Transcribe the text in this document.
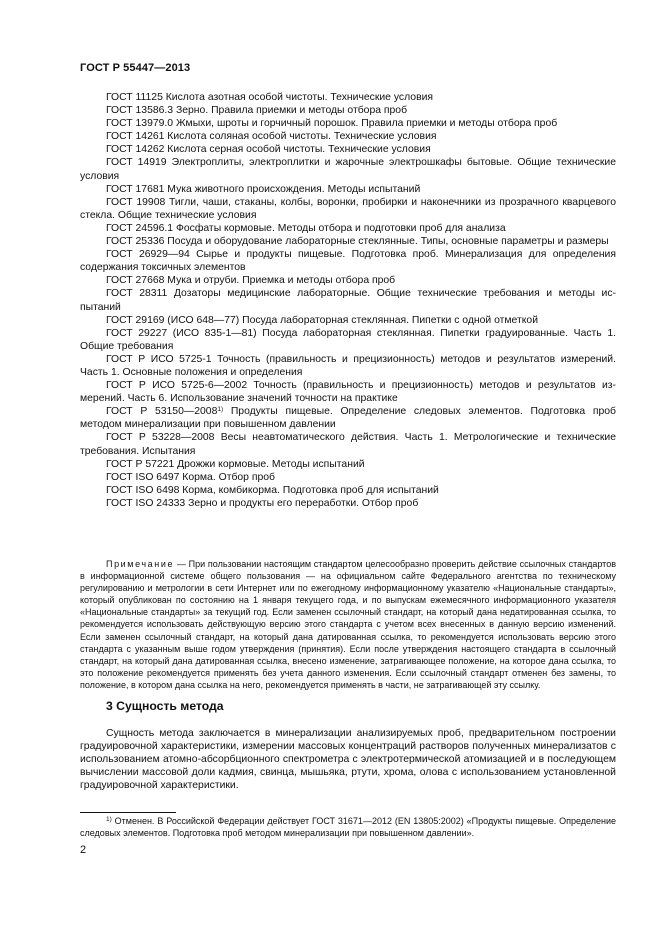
ГОСТ Р 55447—2013

ГОСТ 11125 Кислота азотная особой чистоты. Технические условия

ГОСТ 13586.3 Зерно. Правила приемки и методы отбора проб

ГОСТ 13979.0 Жмыхи, шроты и горчичный порошок. Правила приемки и методы отбора проб

ГОСТ 14261 Кислота соляная особой чистоты. Технические условия

ГОСТ 14262 Кислота серная особой чистоты. Технические условия

ГОСТ 14919 Электроплиты, электроплитки и жарочные электрошкафы бытовые. Общие технические условия

ГОСТ 17681 Мука животного происхождения. Методы испытаний

ГОСТ 19908 Тигли, чаши, стаканы, колбы, воронки, пробирки и наконечники из прозрачного кварцевого стекла. Общие технические условия

ГОСТ 24596.1 Фосфаты кормовые. Методы отбора и подготовки проб для анализа

ГОСТ 25336 Посуда и оборудование лабораторные стеклянные. Типы, основные параметры и размеры

ГОСТ 26929—94 Сырье и продукты пищевые. Подготовка проб. Минерализация для определения содержания токсичных элементов

ГОСТ 27668 Мука и отруби. Приемка и методы отбора проб

ГОСТ 28311 Дозаторы медицинские лабораторные. Общие технические требования и методы испытаний

ГОСТ 29169 (ИСО 648—77) Посуда лабораторная стеклянная. Пипетки с одной отметкой

ГОСТ 29227 (ИСО 835-1—81) Посуда лабораторная стеклянная. Пипетки градуированные. Часть 1. Общие требования

ГОСТ Р ИСО 5725-1 Точность (правильность и прецизионность) методов и результатов измерений. Часть 1. Основные положения и определения

ГОСТ Р ИСО 5725-6—2002 Точность (правильность и прецизионность) методов и результатов измерений. Часть 6. Использование значений точности на практике

ГОСТ Р 53150—2008$^{1)}$ Продукты пищевые. Определение следовых элементов. Подготовка проб методом минерализации при повышенном давлении

ГОСТ Р 53228—2008 Весы неавтоматического действия. Часть 1. Метрологические и технические требования. Испытания

ГОСТ Р 57221 Дрожжи кормовые. Методы испытаний

ГОСТ ISO 6497 Корма. Отбор проб

ГОСТ ISO 6498 Корма, комбикорма. Подготовка проб для испытаний

ГОСТ ISO 24333 Зерно и продукты его переработки. Отбор проб

Примечание — При пользовании настоящим стандартом целесообразно проверить действие ссылочных стандартов в информационной системе общего пользования — на официальном сайте Федерального агентства по техническому регулированию и метрологии в сети Интернет или по ежегодному информационному указателю «Национальные стандарты», который опубликован по состоянию на 1 января текущего года, и по выпускам ежемесячного информационного указателя «Национальные стандарты» за текущий год. Если заменен ссылочный стандарт, на который дана недатированная ссылка, то рекомендуется использовать действующую версию этого стандарта с учетом всех внесенных в данную версию изменений. Если заменен ссылочный стандарт, на который дана датированная ссылка, то рекомендуется использовать версию этого стандарта с указанным выше годом утверждения (принятия). Если после утверждения настоящего стандарта в ссылочный стандарт, на который дана датированная ссылка, внесено изменение, затрагивающее положение, на которое дана ссылка, то это положение рекомендуется применять без учета данного изменения. Если ссылочный стандарт отменен без замены, то положение, в котором дана ссылка на него, рекомендуется применять в части, не затрагивающей эту ссылку.

3 Сущность метода

Сущность метода заключается в минерализации анализируемых проб, предварительном построении градуировочной характеристики, измерении массовых концентраций растворов полученных минерализатов с использованием атомно-абсорбционного спектрометра с электротермической атомизацией и в последующем вычислении массовой доли кадмия, свинца, мышьяка, ртути, хрома, олова с использованием установленной градуировочной характеристики.

$^{1)}$ Отменен. В Российской Федерации действует ГОСТ 31671—2012 (EN 13805:2002) «Продукты пищевые. Определение следовых элементов. Подготовка проб методом минерализации при повышенном давлении».

2
